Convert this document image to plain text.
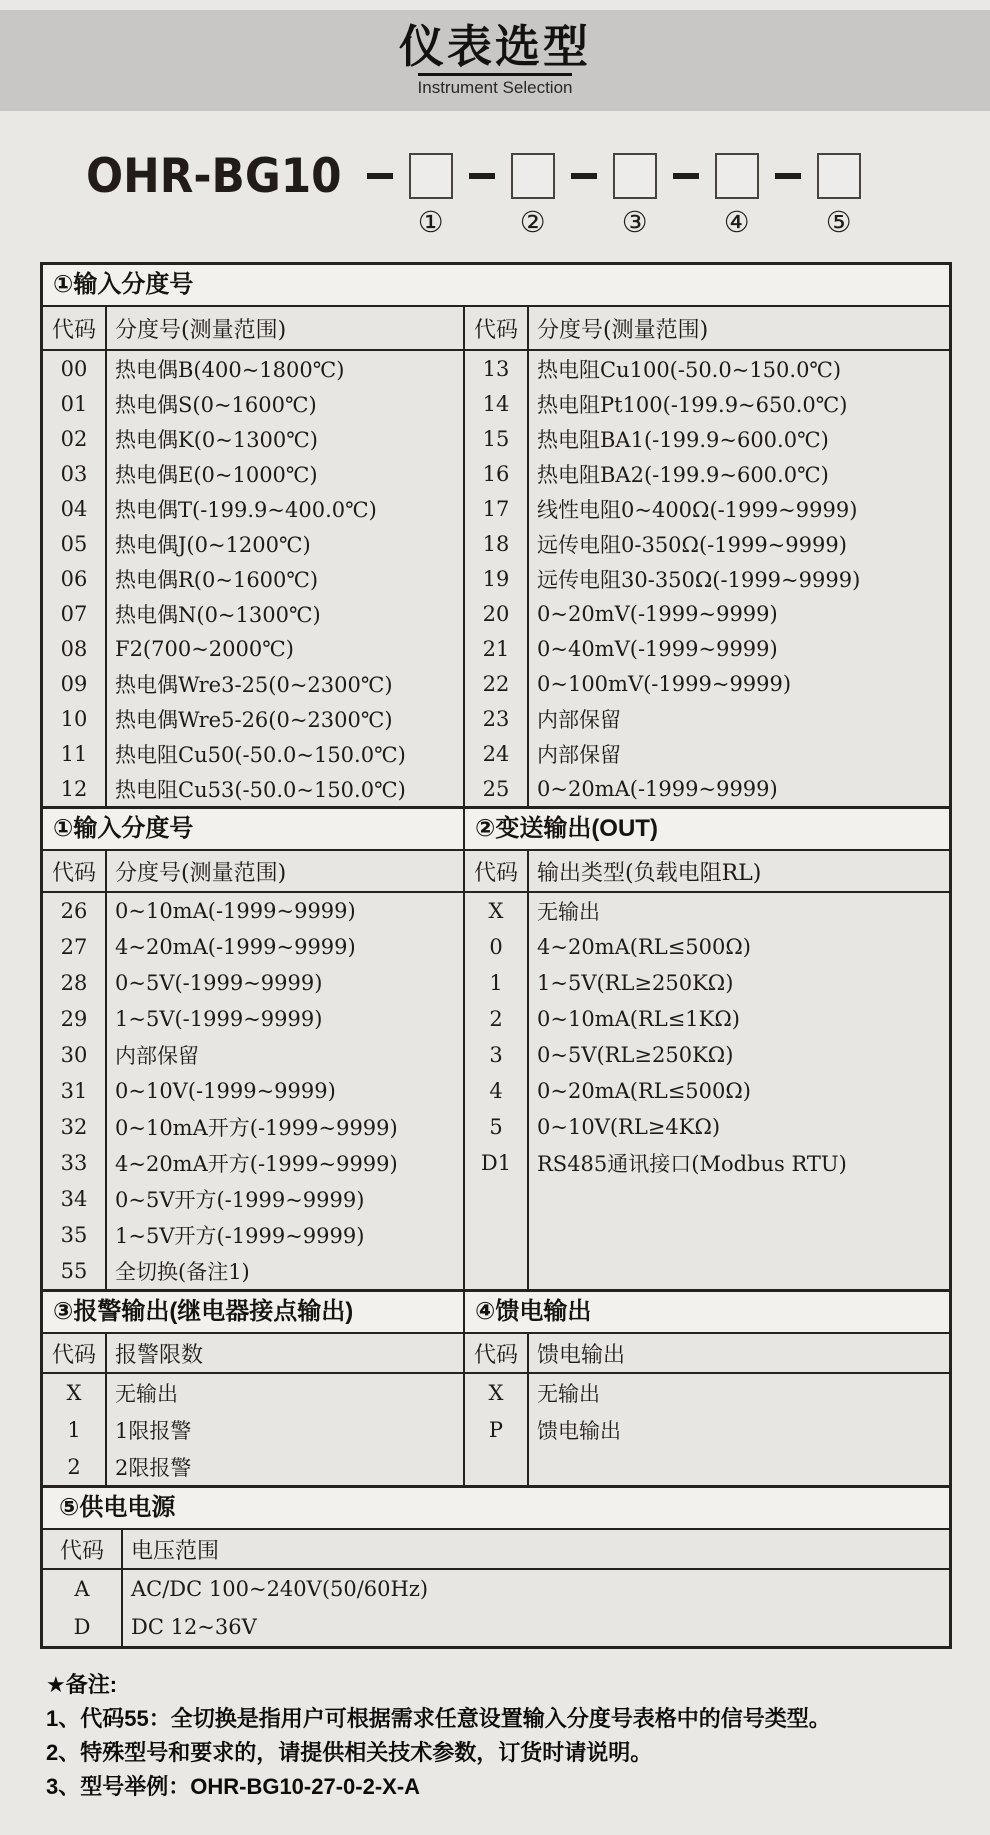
仪表选型
Instrument Selection
OHR-BG10
①	②	③	④	⑤
①输入分度号
代码 分度号(测量范围)
00	热电偶B(400~1800℃)
01	热电偶S(0~1600℃)
02	热电偶K(0~1300℃)
03	热电偶E(0~1000℃)
04	热电偶T(-199.9~400.0℃)
05	热电偶J(0~1200℃)
06	热电偶R(0~1600℃)
07	热电偶N(0~1300℃)
08	F2(700~2000℃)
09	热电偶Wre3-25(0~2300℃)
10	热电偶Wre5-26(0~2300℃)
11	热电阻Cu50(-50.0~150.0℃)
12	热电阻Cu53(-50.0~150.0℃)
代码 分度号(测量范围)
13	热电阻Cu100(-50.0~150.0℃)
14	热电阻Pt100(-199.9~650.0℃)
15	热电阻BA1(-199.9~600.0℃)
16	热电阻BA2(-199.9~600.0℃)
17	线性电阻0~400Ω(-1999~9999)
18	远传电阻0-350Ω(-1999~9999)
19	远传电阻30-350Ω(-1999~9999)
20	0~20mV(-1999~9999)
21	0~40mV(-1999~9999)
22	0~100mV(-1999~9999)
23	内部保留
24	内部保留
25	0~20mA(-1999~9999)
①输入分度号
代码 分度号(测量范围)
26	0~10mA(-1999~9999)
27	4~20mA(-1999~9999)
28	0~5V(-1999~9999)
29	1~5V(-1999~9999)
30	内部保留
31	0~10V(-1999~9999)
32	0~10mA开方(-1999~9999)
33	4~20mA开方(-1999~9999)
34	0~5V开方(-1999~9999)
35	1~5V开方(-1999~9999)
55	全切换(备注1)
②变送输出(OUT)
代码 输出类型(负载电阻RL)
X	无输出
0	4~20mA(RL≤500Ω)
1	1~5V(RL≥250KΩ)
2	0~10mA(RL≤1KΩ)
3	0~5V(RL≥250KΩ)
4	0~20mA(RL≤500Ω)
5	0~10V(RL≥4KΩ)
D1	RS485通讯接口(Modbus RTU)
③报警输出(继电器接点输出)
代码 报警限数
X	无输出
1	1限报警
2	2限报警
④馈电输出
代码 馈电输出
X	无输出
P	馈电输出
⑤供电电源
代码	电压范围
A	AC/DC 100~240V(50/60Hz)
D	DC 12~36V
★备注:
1、代码55：全切换是指用户可根据需求任意设置输入分度号表格中的信号类型。
2、特殊型号和要求的，请提供相关技术参数，订货时请说明。
3、型号举例：OHR-BG10-27-0-2-X-A
